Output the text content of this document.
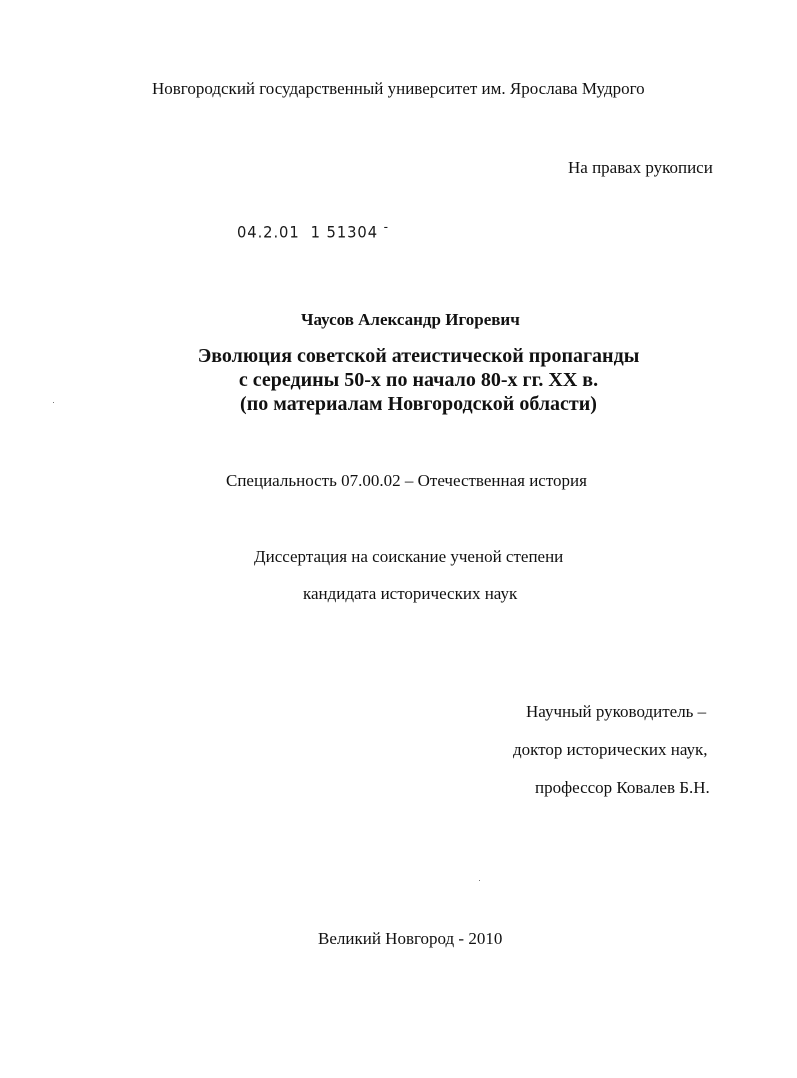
Новгородский государственный университет им. Ярослава Мудрого
На правах рукописи
04.2.01 1 51304 -
Чаусов Александр Игоревич
Эволюция советской атеистической пропаганды
с середины 50-х по начало 80-х гг. XX в.
(по материалам Новгородской области)
Специальность 07.00.02 – Отечественная история
Диссертация на соискание ученой степени
кандидата исторических наук
Научный руководитель –
доктор исторических наук,
профессор Ковалев Б.Н.
Великий Новгород - 2010
